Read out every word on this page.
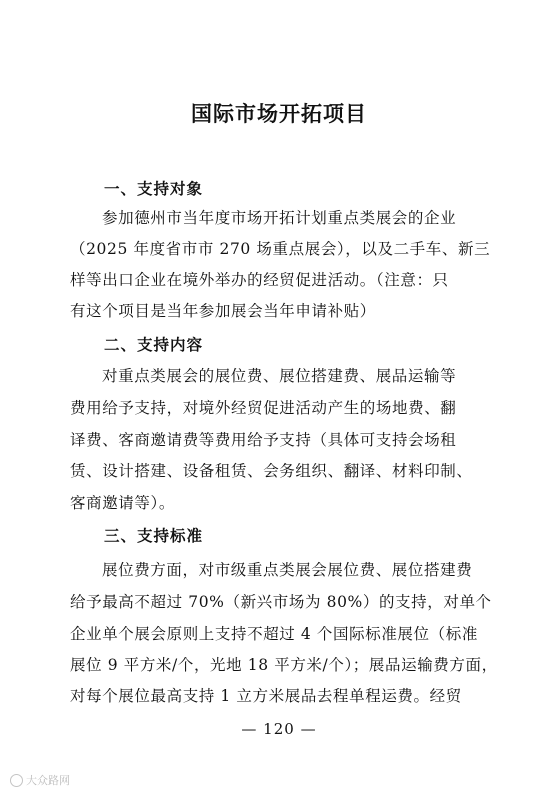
国际市场开拓项目
一、支持对象
参加德州市当年度市场开拓计划重点类展会的企业
（2025 年度省市市 270 场重点展会），以及二手车、新三
样等出口企业在境外举办的经贸促进活动。（注意：只
有这个项目是当年参加展会当年申请补贴）
二、支持内容
对重点类展会的展位费、展位搭建费、展品运输等
费用给予支持，对境外经贸促进活动产生的场地费、翻
译费、客商邀请费等费用给予支持（具体可支持会场租
赁、设计搭建、设备租赁、会务组织、翻译、材料印制、
客商邀请等）。
三、支持标准
展位费方面，对市级重点类展会展位费、展位搭建费
给予最高不超过 70%（新兴市场为 80%）的支持，对单个
企业单个展会原则上支持不超过 4 个国际标准展位（标准
展位 9 平方米/个，光地 18 平方米/个）；展品运输费方面，
对每个展位最高支持 1 立方米展品去程单程运费。经贸
— 120 —
大众路网
